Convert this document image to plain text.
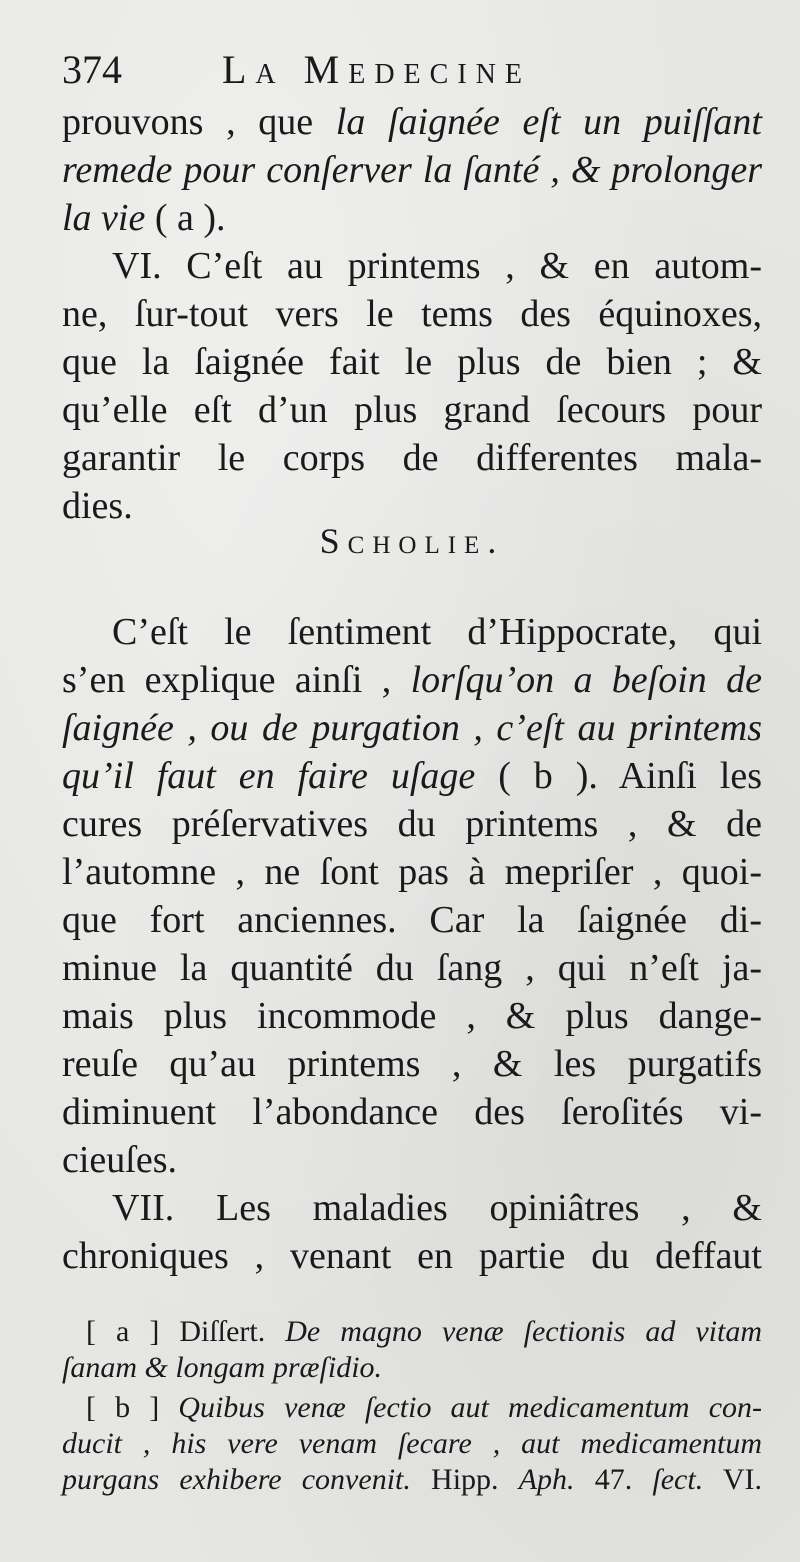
374	La Medecine
prouvons , que la ſaignée eſt un puiſſant
remede pour conſerver la ſanté , & prolonger
la vie ( a ).
VI. C’eſt au printems , & en autom-
ne, ſur-tout vers le tems des équinoxes,
que la ſaignée fait le plus de bien ; &
qu’elle eſt d’un plus grand ſecours pour
garantir le corps de differentes mala-
dies.
Scholie.
C’eſt le ſentiment d’Hippocrate, qui
s’en explique ainſi , lorſqu’on a beſoin de
ſaignée , ou de purgation , c’eſt au printems
qu’il faut en faire uſage ( b ). Ainſi les
cures préſervatives du printems , & de
l’automne , ne ſont pas à mepriſer , quoi-
que fort anciennes. Car la ſaignée di-
minue la quantité du ſang , qui n’eſt ja-
mais plus incommode , & plus dange-
reuſe qu’au printems , & les purgatifs
diminuent l’abondance des ſeroſités vi-
cieuſes.
VII. Les maladies opiniâtres , &
chroniques , venant en partie du deffaut
[ a ] Diſſert. De magno venæ ſectionis ad vitam
ſanam & longam præſidio.
[ b ] Quibus venæ ſectio aut medicamentum con-
ducit , his vere venam ſecare , aut medicamentum
purgans exhibere convenit. Hipp. Aph. 47. ſect. VI.
